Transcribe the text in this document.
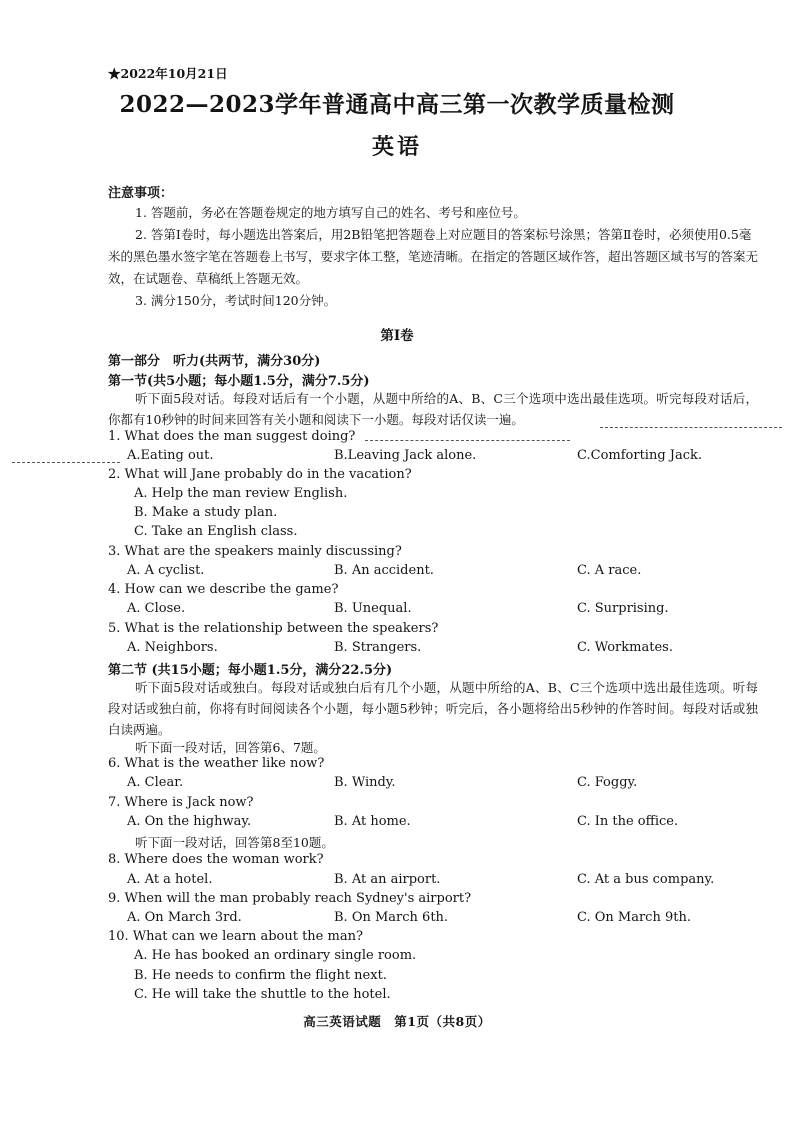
★2022年10月21日
2022—2023学年普通高中高三第一次教学质量检测
英语
注意事项：
1. 答题前，务必在答题卷规定的地方填写自己的姓名、考号和座位号。
2. 答第Ⅰ卷时，每小题选出答案后，用2B铅笔把答题卷上对应题目的答案标号涂黑；答第Ⅱ卷时，必须使用0.5毫米的黑色墨水签字笔在答题卷上书写，要求字体工整，笔迹清晰。在指定的答题区域作答，超出答题区域书写的答案无效，在试题卷、草稿纸上答题无效。
3. 满分150分，考试时间120分钟。
第Ⅰ卷
第一部分　听力(共两节，满分30分)
第一节(共5小题；每小题1.5分，满分7.5分)
听下面5段对话。每段对话后有一个小题，从题中所给的A、B、C三个选项中选出最佳选项。听完每段对话后，你都有10秒钟的时间来回答有关小题和阅读下一小题。每段对话仅读一遍。
1. What does the man suggest doing?
A.Eating out.	B.Leaving Jack alone.	C.Comforting Jack.
2. What will Jane probably do in the vacation?
A. Help the man review English.
B. Make a study plan.
C. Take an English class.
3. What are the speakers mainly discussing?
A. A cyclist.	B. An accident.	C. A race.
4. How can we describe the game?
A. Close.	B. Unequal.	C. Surprising.
5. What is the relationship between the speakers?
A. Neighbors.	B. Strangers.	C. Workmates.
第二节 (共15小题；每小题1.5分，满分22.5分)
听下面5段对话或独白。每段对话或独白后有几个小题，从题中所给的A、B、C三个选项中选出最佳选项。听每段对话或独白前，你将有时间阅读各个小题，每小题5秒钟；听完后，各小题将给出5秒钟的作答时间。每段对话或独白读两遍。
听下面一段对话，回答第6、7题。
6. What is the weather like now?
A. Clear.	B. Windy.	C. Foggy.
7. Where is Jack now?
A. On the highway.	B. At home.	C. In the office.
听下面一段对话，回答第8至10题。
8. Where does the woman work?
A. At a hotel.	B. At an airport.	C. At a bus company.
9. When will the man probably reach Sydney's airport?
A. On March 3rd.	B. On March 6th.	C. On March 9th.
10. What can we learn about the man?
A. He has booked an ordinary single room.
B. He needs to confirm the flight next.
C. He will take the shuttle to the hotel.
高三英语试题　第1页（共8页）
